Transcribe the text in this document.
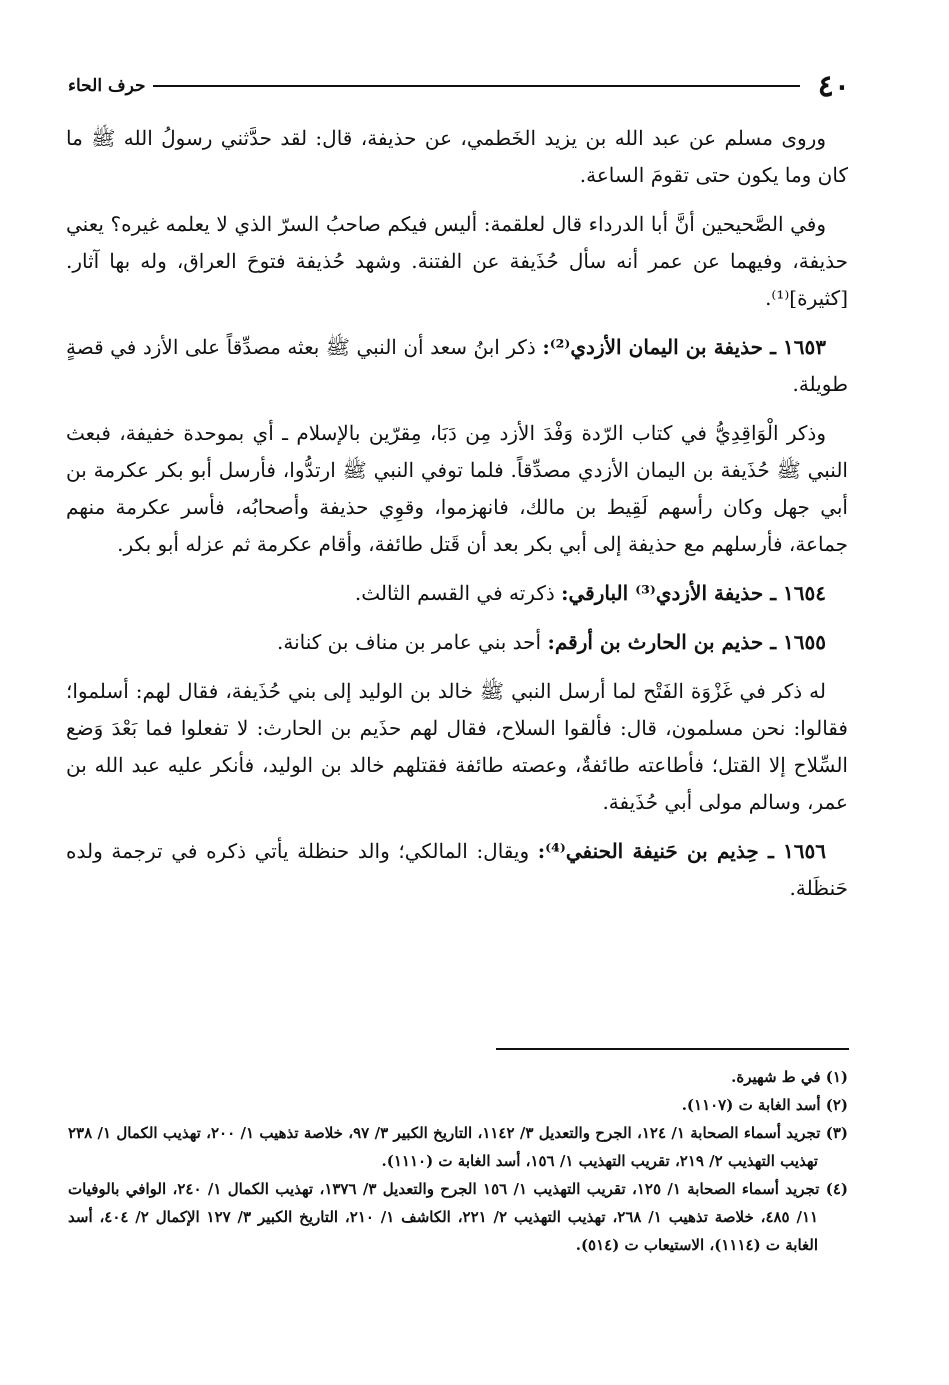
٤٠
حرف الحاء

وروى مسلم عن عبد الله بن يزيد الخَطمي، عن حذيفة، قال: لقد حدَّثني رسولُ الله ﷺ ما كان وما يكون حتى تقومَ الساعة.

وفي الصَّحيحين أنَّ أبا الدرداء قال لعلقمة: أليس فيكم صاحبُ السرّ الذي لا يعلمه غيره؟ يعني حذيفة، وفيهما عن عمر أنه سأل حُذَيفة عن الفتنة. وشهد حُذيفة فتوحَ العراق، وله بها آثار. [كثيرة]⁽¹⁾.

١٦٥٣ ـ حذيفة بن اليمان الأزدي⁽²⁾: ذكر ابنُ سعد أن النبي ﷺ بعثه مصدِّقاً على الأزد في قصةٍ طويلة.

وذكر الْوَاقِدِيُّ في كتاب الرّدة وَفْدَ الأزد مِن دَبَا، مِقرّين بالإسلام ـ أي بموحدة خفيفة، فبعث النبي ﷺ حُذَيفة بن اليمان الأزدي مصدِّقاً. فلما توفي النبي ﷺ ارتدُّوا، فأرسل أبو بكر عكرمة بن أبي جهل وكان رأسهم لَقِيط بن مالك، فانهزموا، وقوِي حذيفة وأصحابُه، فأسر عكرمة منهم جماعة، فأرسلهم مع حذيفة إلى أبي بكر بعد أن قَتل طائفة، وأقام عكرمة ثم عزله أبو بكر.

١٦٥٤ ـ حذيفة الأزدي⁽³⁾ البارقي: ذكرته في القسم الثالث.

١٦٥٥ ـ حذيم بن الحارث بن أرقم: أحد بني عامر بن مناف بن كنانة.

له ذكر في غَزْوَة الفَتْح لما أرسل النبي ﷺ خالد بن الوليد إلى بني حُذَيفة، فقال لهم: أسلموا؛ فقالوا: نحن مسلمون، قال: فألقوا السلاح، فقال لهم حذَيم بن الحارث: لا تفعلوا فما بَعْدَ وَضع السِّلاح إلا القتل؛ فأطاعته طائفةٌ، وعصته طائفة فقتلهم خالد بن الوليد، فأنكر عليه عبد الله بن عمر، وسالم مولى أبي حُذَيفة.

١٦٥٦ ـ حِذيم بن حَنيفة الحنفي⁽⁴⁾: ويقال: المالكي؛ والد حنظلة يأتي ذكره في ترجمة ولده حَنظَلة.

(١) في ط شهيرة.

(٢) أسد الغابة ت (١١٠٧).

(٣) تجريد أسماء الصحابة ١/ ١٢٤، الجرح والتعديل ٣/ ١١٤٢، التاريخ الكبير ٣/ ٩٧، خلاصة تذهيب ١/ ٢٠٠، تهذيب الكمال ١/ ٢٣٨ تهذيب التهذيب ٢/ ٢١٩، تقريب التهذيب ١/ ١٥٦، أسد الغابة ت (١١١٠).

(٤) تجريد أسماء الصحابة ١/ ١٢٥، تقريب التهذيب ١/ ١٥٦ الجرح والتعديل ٣/ ١٣٧٦، تهذيب الكمال ١/ ٢٤٠، الوافي بالوفيات ١١/ ٤٨٥، خلاصة تذهيب ١/ ٢٦٨، تهذيب التهذيب ٢/ ٢٢١، الكاشف ١/ ٢١٠، التاريخ الكبير ٣/ ١٢٧ الإكمال ٢/ ٤٠٤، أسد الغابة ت (١١١٤)، الاستيعاب ت (٥١٤).
